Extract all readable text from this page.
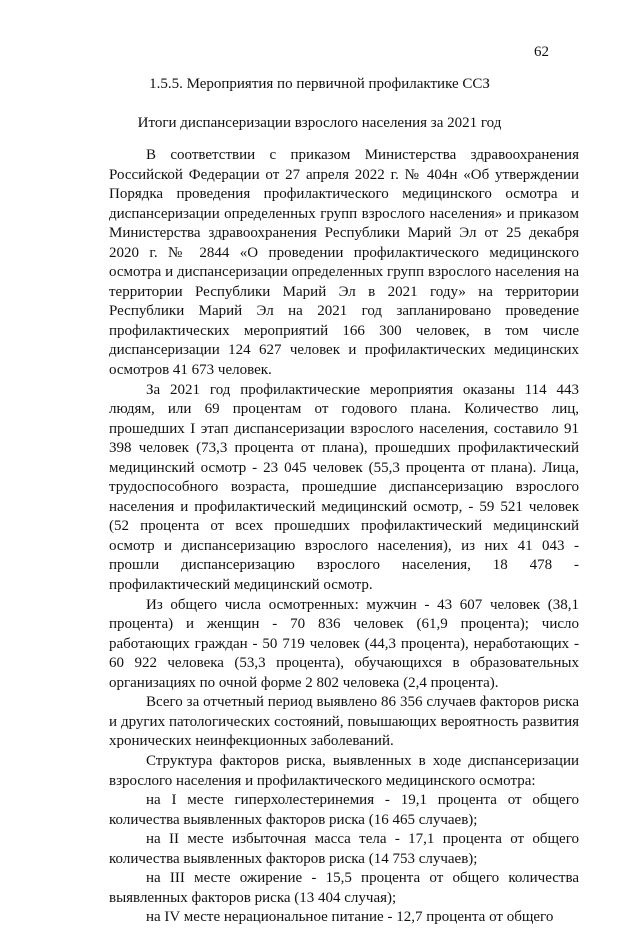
62
1.5.5. Мероприятия по первичной профилактике ССЗ
Итоги диспансеризации взрослого населения за 2021 год

В соответствии с приказом Министерства здравоохранения Российской Федерации от 27 апреля 2022 г. № 404н «Об утверждении Порядка проведения профилактического медицинского осмотра и диспансеризации определенных групп взрослого населения» и приказом Министерства здравоохранения Республики Марий Эл от 25 декабря 2020 г. № 2844 «О проведении профилактического медицинского осмотра и диспансеризации определенных групп взрослого населения на территории Республики Марий Эл в 2021 году» на территории Республики Марий Эл на 2021 год запланировано проведение профилактических мероприятий 166 300 человек, в том числе диспансеризации 124 627 человек и профилактических медицинских осмотров 41 673 человек.

За 2021 год профилактические мероприятия оказаны 114 443 людям, или 69 процентам от годового плана. Количество лиц, прошедших I этап диспансеризации взрослого населения, составило 91 398 человек (73,3 процента от плана), прошедших профилактический медицинский осмотр - 23 045 человек (55,3 процента от плана). Лица, трудоспособного возраста, прошедшие диспансеризацию взрослого населения и профилактический медицинский осмотр, - 59 521 человек (52 процента от всех прошедших профилактический медицинский осмотр и диспансеризацию взрослого населения), из них 41 043 - прошли диспансеризацию взрослого населения, 18 478 - профилактический медицинский осмотр.

Из общего числа осмотренных: мужчин - 43 607 человек (38,1 процента) и женщин - 70 836 человек (61,9 процента); число работающих граждан - 50 719 человек (44,3 процента), неработающих - 60 922 человека (53,3 процента), обучающихся в образовательных организациях по очной форме 2 802 человека (2,4 процента).

Всего за отчетный период выявлено 86 356 случаев факторов риска и других патологических состояний, повышающих вероятность развития хронических неинфекционных заболеваний.

Структура факторов риска, выявленных в ходе диспансеризации взрослого населения и профилактического медицинского осмотра:

на I месте гиперхолестеринемия - 19,1 процента от общего количества выявленных факторов риска (16 465 случаев);

на II месте избыточная масса тела - 17,1 процента от общего количества выявленных факторов риска (14 753 случаев);

на III месте ожирение - 15,5 процента от общего количества выявленных факторов риска (13 404 случая);

на IV месте нерациональное питание - 12,7 процента от общего
